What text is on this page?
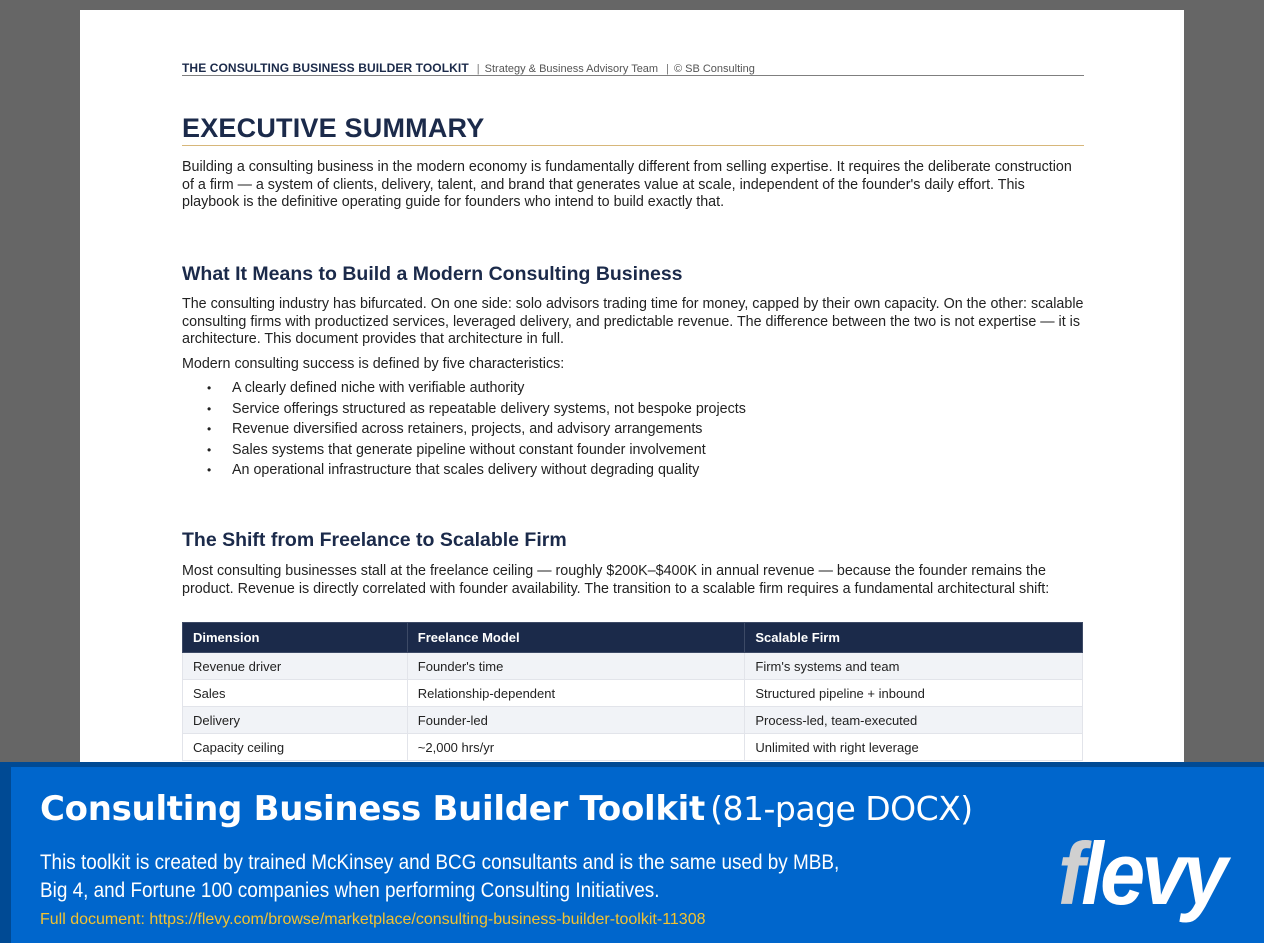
THE CONSULTING BUSINESS BUILDER TOOLKIT | Strategy & Business Advisory Team | © SB Consulting
EXECUTIVE SUMMARY

Building a consulting business in the modern economy is fundamentally different from selling expertise. It requires the deliberate construction of a firm — a system of clients, delivery, talent, and brand that generates value at scale, independent of the founder's daily effort. This playbook is the definitive operating guide for founders who intend to build exactly that.

What It Means to Build a Modern Consulting Business

The consulting industry has bifurcated. On one side: solo advisors trading time for money, capped by their own capacity. On the other: scalable consulting firms with productized services, leveraged delivery, and predictable revenue. The difference between the two is not expertise — it is architecture. This document provides that architecture in full.

Modern consulting success is defined by five characteristics:

• A clearly defined niche with verifiable authority
• Service offerings structured as repeatable delivery systems, not bespoke projects
• Revenue diversified across retainers, projects, and advisory arrangements
• Sales systems that generate pipeline without constant founder involvement
• An operational infrastructure that scales delivery without degrading quality
The Shift from Freelance to Scalable Firm

Most consulting businesses stall at the freelance ceiling — roughly $200K–$400K in annual revenue — because the founder remains the product. Revenue is directly correlated with founder availability. The transition to a scalable firm requires a fundamental architectural shift:

Dimension	Freelance Model	Scalable Firm
Revenue driver	Founder's time	Firm's systems and team
Sales	Relationship-dependent	Structured pipeline + inbound
Delivery	Founder-led	Process-led, team-executed
Capacity ceiling	~2,000 hrs/yr	Unlimited with right leverage
Consulting Business Builder Toolkit (81-page DOCX)
This toolkit is created by trained McKinsey and BCG consultants and is the same used by MBB,
Big 4, and Fortune 100 companies when performing Consulting Initiatives.
Full document: https://flevy.com/browse/marketplace/consulting-business-builder-toolkit-11308	flevy
